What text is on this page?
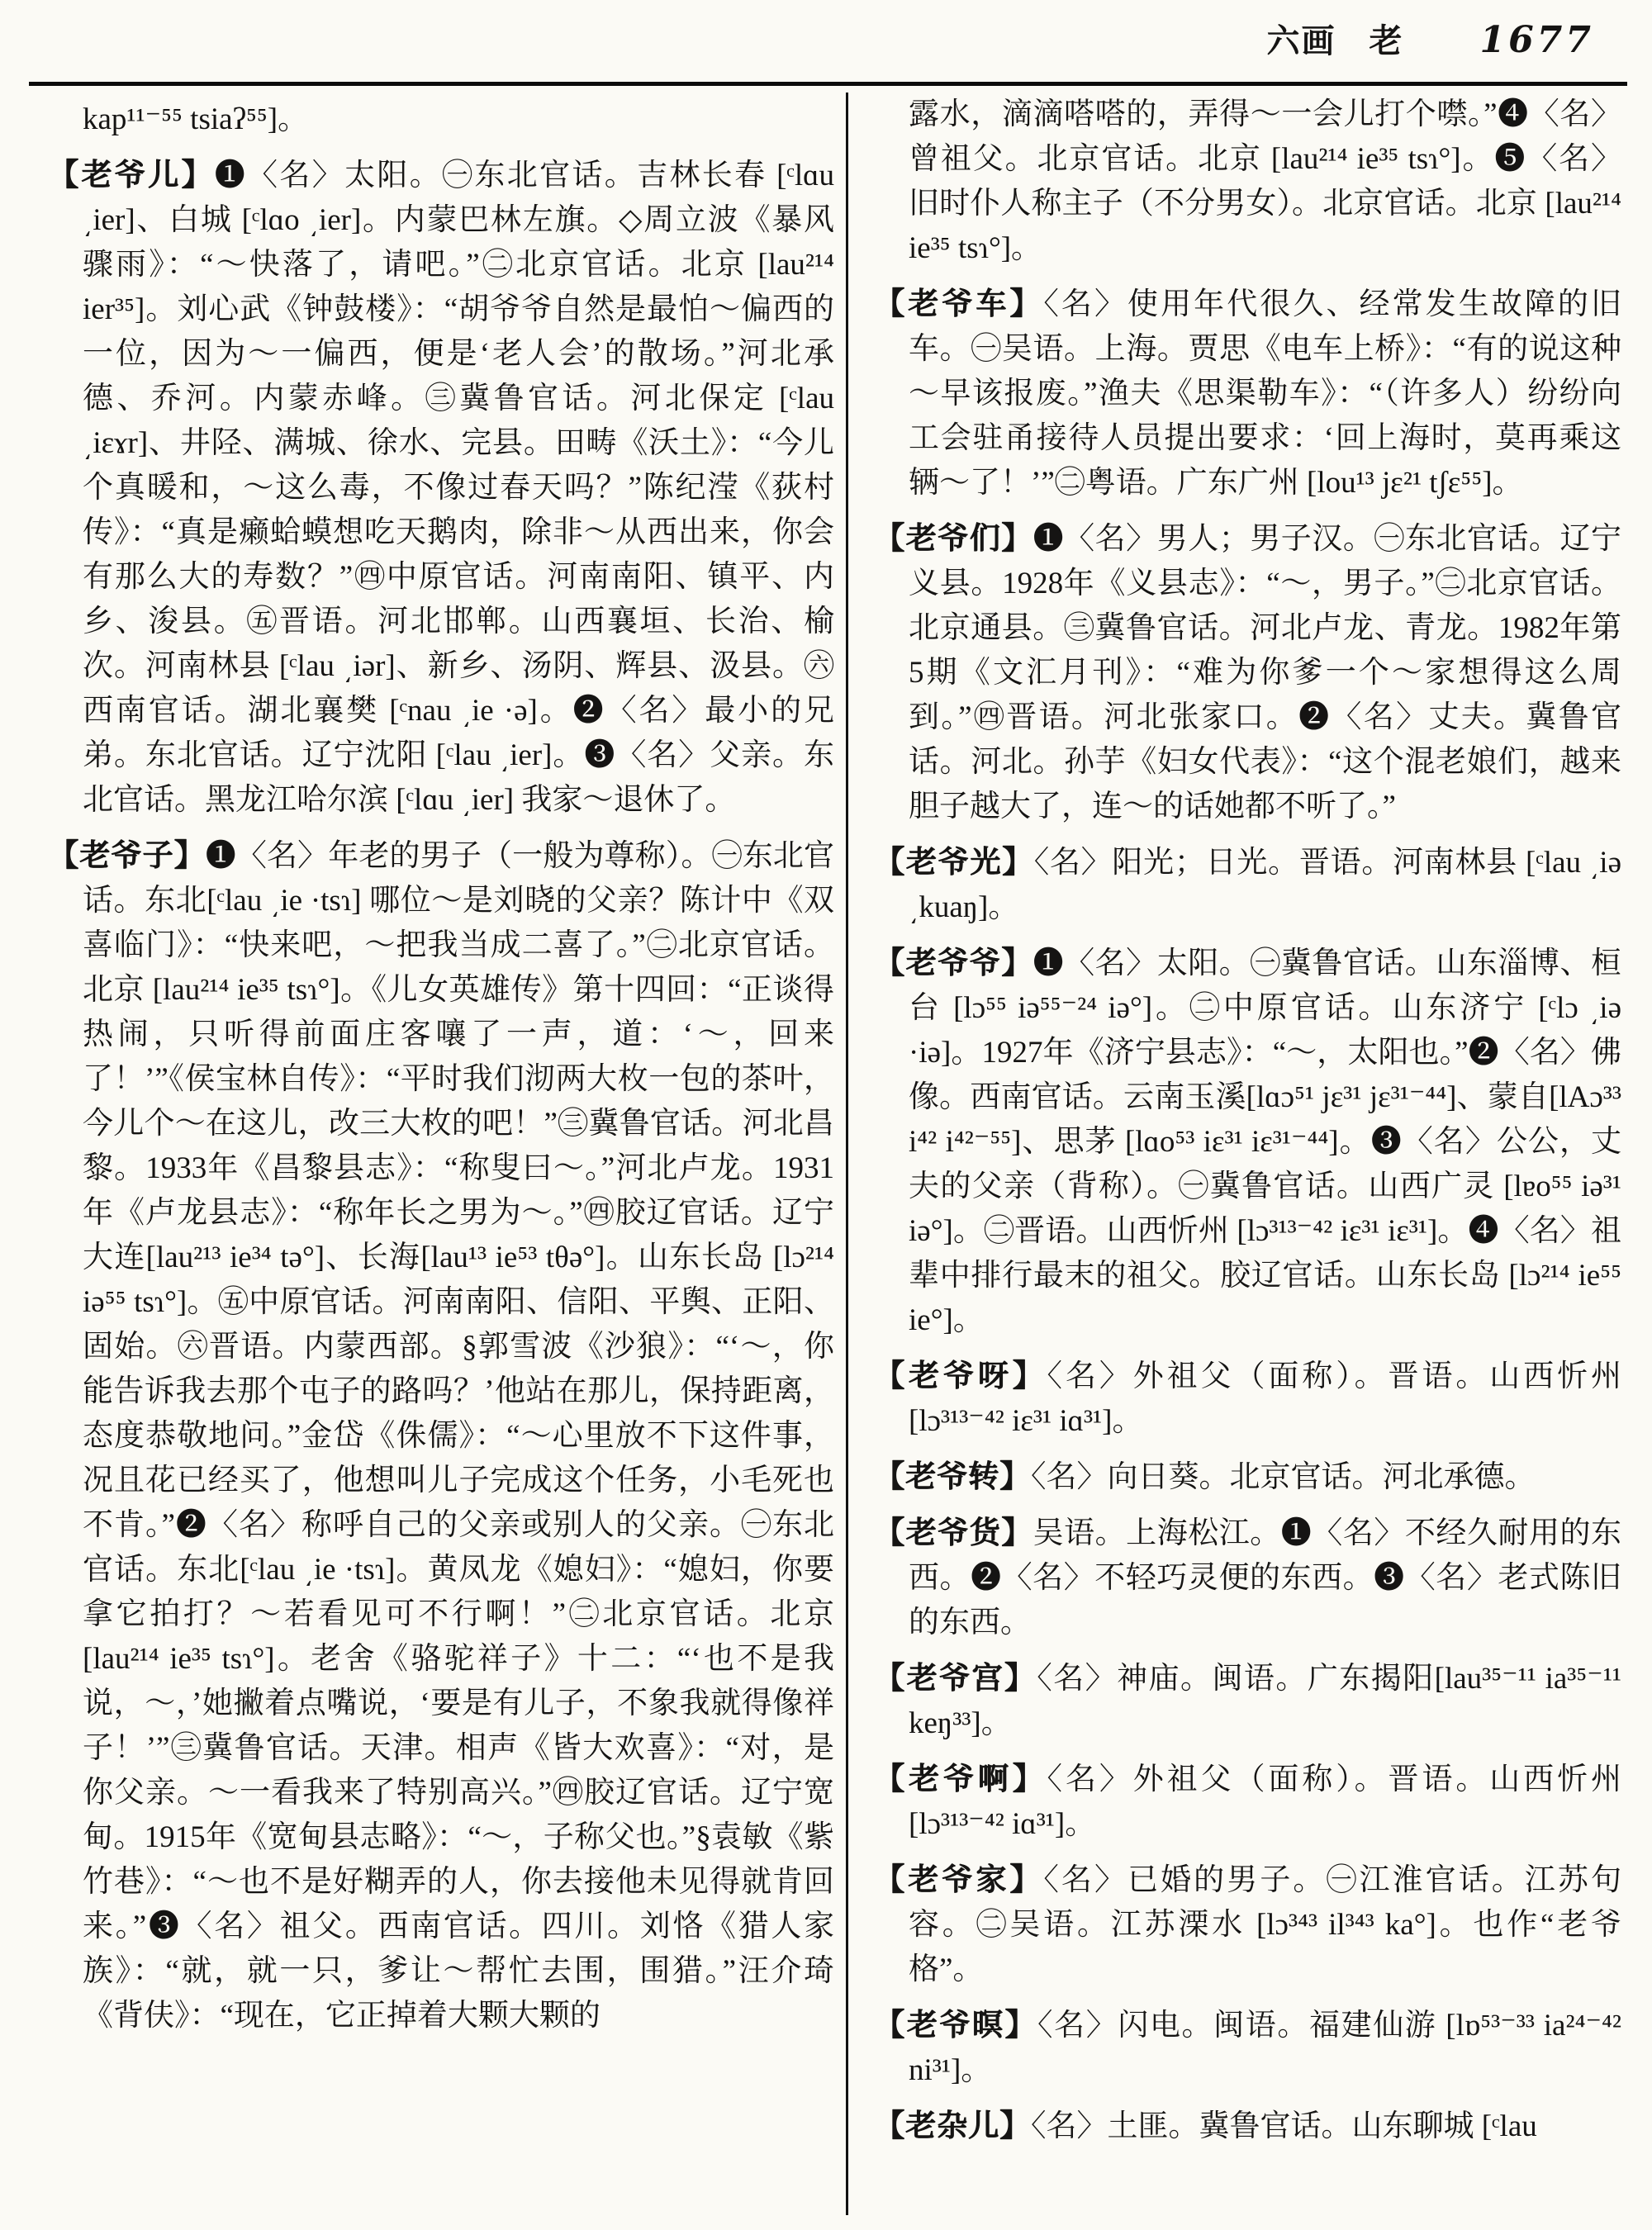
六画 老 1677
kap¹¹⁻⁵⁵ tsiaʔ⁵⁵]。
【老爷儿】❶〈名〉太阳。㊀东北官话。吉林长春 [ᶜlɑu ͵ier]、白城 [ᶜlɑo ͵ier]。内蒙巴林左旗。◇周立波《暴风骤雨》：“～快落了，请吧。”㊁北京官话。北京 [lau²¹⁴ ier³⁵]。刘心武《钟鼓楼》：“胡爷爷自然是最怕～偏西的一位，因为～一偏西，便是‘老人会’的散场。”河北承德、乔河。内蒙赤峰。㊂冀鲁官话。河北保定 [ᶜlau ͵iɛɤr]、井陉、满城、徐水、完县。田畴《沃土》：“今儿个真暖和，～这么毒，不像过春天吗？”陈纪滢《荻村传》：“真是癞蛤蟆想吃天鹅肉，除非～从西出来，你会有那么大的寿数？”㊃中原官话。河南南阳、镇平、内乡、浚县。㊄晋语。河北邯郸。山西襄垣、长治、榆次。河南林县 [ᶜlau ͵iər]、新乡、汤阴、辉县、汲县。㊅西南官话。湖北襄樊 [ᶜnau ͵ie ·ə]。❷〈名〉最小的兄弟。东北官话。辽宁沈阳 [ᶜlau ͵ier]。❸〈名〉父亲。东北官话。黑龙江哈尔滨 [ᶜlɑu ͵ier] 我家～退休了。
【老爷子】❶〈名〉年老的男子（一般为尊称）。㊀东北官话。东北[ᶜlau ͵ie ·tsɿ] 哪位～是刘晓的父亲？陈计中《双喜临门》：“快来吧，～把我当成二喜了。”㊁北京官话。北京 [lau²¹⁴ ie³⁵ tsɿ°]。《儿女英雄传》第十四回：“正谈得热闹，只听得前面庄客嚷了一声，道：‘～，回来了！’”《侯宝林自传》：“平时我们沏两大枚一包的茶叶，今儿个～在这儿，改三大枚的吧！”㊂冀鲁官话。河北昌黎。1933年《昌黎县志》：“称叟曰～。”河北卢龙。1931年《卢龙县志》：“称年长之男为～。”㊃胶辽官话。辽宁大连[lau²¹³ ie³⁴ tə°]、长海[lau¹³ ie⁵³ tθə°]。山东长岛 [lɔ²¹⁴ iə⁵⁵ tsɿ°]。㊄中原官话。河南南阳、信阳、平舆、正阳、固始。㊅晋语。内蒙西部。§郭雪波《沙狼》：“‘～，你能告诉我去那个屯子的路吗？’他站在那儿，保持距离，态度恭敬地问。”金岱《侏儒》：“～心里放不下这件事，况且花已经买了，他想叫儿子完成这个任务，小毛死也不肯。”❷〈名〉称呼自己的父亲或别人的父亲。㊀东北官话。东北[ᶜlau ͵ie ·tsɿ]。黄凤龙《媳妇》：“媳妇，你要拿它拍打？～若看见可不行啊！”㊁北京官话。北京 [lau²¹⁴ ie³⁵ tsɿ°]。老舍《骆驼祥子》十二：“‘也不是我说，～，’她撇着点嘴说，‘要是有儿子，不象我就得像祥子！’”㊂冀鲁官话。天津。相声《皆大欢喜》：“对，是你父亲。～一看我来了特别高兴。”㊃胶辽官话。辽宁宽甸。1915年《宽甸县志略》：“～，子称父也。”§袁敏《紫竹巷》：“～也不是好糊弄的人，你去接他未见得就肯回来。”❸〈名〉祖父。西南官话。四川。刘恪《猎人家族》：“就，就一只，爹让～帮忙去围，围猎。”汪介琦《背伕》：“现在，它正掉着大颗大颗的
露水，滴滴嗒嗒的，弄得～一会儿打个噤。”❹〈名〉曾祖父。北京官话。北京 [lau²¹⁴ ie³⁵ tsɿ°]。❺〈名〉旧时仆人称主子（不分男女）。北京官话。北京 [lau²¹⁴ ie³⁵ tsɿ°]。
【老爷车】〈名〉使用年代很久、经常发生故障的旧车。㊀吴语。上海。贾思《电车上桥》：“有的说这种～早该报废。”渔夫《思渠勒车》：“（许多人）纷纷向工会驻甬接待人员提出要求：‘回上海时，莫再乘这辆～了！’”㊁粤语。广东广州 [lou¹³ jɛ²¹ tʃɛ⁵⁵]。
【老爷们】❶〈名〉男人；男子汉。㊀东北官话。辽宁义县。1928年《义县志》：“～，男子。”㊁北京官话。北京通县。㊂冀鲁官话。河北卢龙、青龙。1982年第5期《文汇月刊》：“难为你爹一个～家想得这么周到。”㊃晋语。河北张家口。❷〈名〉丈夫。冀鲁官话。河北。孙芋《妇女代表》：“这个混老娘们，越来胆子越大了，连～的话她都不听了。”
【老爷光】〈名〉阳光；日光。晋语。河南林县 [ᶜlau ͵iə ͵kuaŋ]。
【老爷爷】❶〈名〉太阳。㊀冀鲁官话。山东淄博、桓台 [lɔ⁵⁵ iə⁵⁵⁻²⁴ iə°]。㊁中原官话。山东济宁 [ᶜlɔ ͵iə ·iə]。1927年《济宁县志》：“～，太阳也。”❷〈名〉佛像。西南官话。云南玉溪[lɑɔ⁵¹ jɛ³¹ jɛ³¹⁻⁴⁴]、蒙自[lAɔ³³ i⁴² i⁴²⁻⁵⁵]、思茅 [lɑo⁵³ iɛ³¹ iɛ³¹⁻⁴⁴]。❸〈名〉公公，丈夫的父亲（背称）。㊀冀鲁官话。山西广灵 [lɐo⁵⁵ iə³¹ iə°]。㊁晋语。山西忻州 [lɔ³¹³⁻⁴² iɛ³¹ iɛ³¹]。❹〈名〉祖辈中排行最末的祖父。胶辽官话。山东长岛 [lɔ²¹⁴ ie⁵⁵ ie°]。
【老爷呀】〈名〉外祖父（面称）。晋语。山西忻州 [lɔ³¹³⁻⁴² iɛ³¹ iɑ³¹]。
【老爷转】〈名〉向日葵。北京官话。河北承德。
【老爷货】吴语。上海松江。❶〈名〉不经久耐用的东西。❷〈名〉不轻巧灵便的东西。❸〈名〉老式陈旧的东西。
【老爷宫】〈名〉神庙。闽语。广东揭阳[lau³⁵⁻¹¹ ia³⁵⁻¹¹ keŋ³³]。
【老爷啊】〈名〉外祖父（面称）。晋语。山西忻州[lɔ³¹³⁻⁴² iɑ³¹]。
【老爷家】〈名〉已婚的男子。㊀江淮官话。江苏句容。㊁吴语。江苏溧水 [lɔ³⁴³ il³⁴³ ka°]。也作“老爷格”。
【老爷暝】〈名〉闪电。闽语。福建仙游 [lɒ⁵³⁻³³ ia²⁴⁻⁴² ni³¹]。
【老杂儿】〈名〉土匪。冀鲁官话。山东聊城 [ᶜlau
